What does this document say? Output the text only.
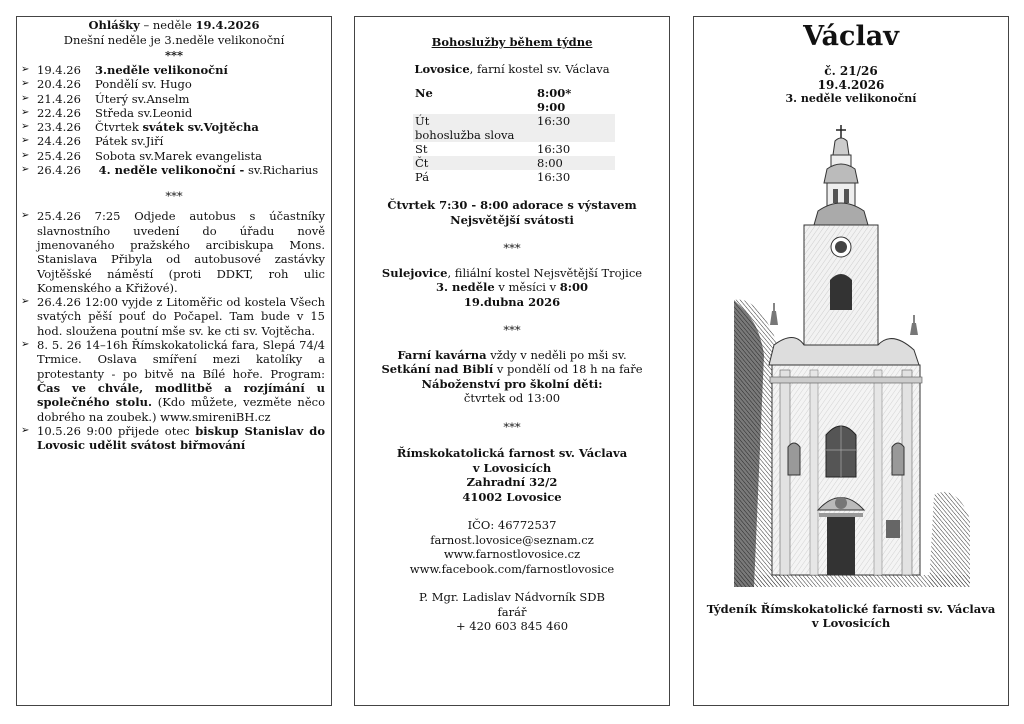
Ohlášky – neděle 19.4.2026
Dnešní neděle je 3.neděle velikonoční
***
➢ 19.4.26 3.neděle velikonoční
➢ 20.4.26 Pondělí sv. Hugo
➢ 21.4.26 Úterý sv.Anselm
➢ 22.4.26 Středa sv.Leonid
➢ 23.4.26 Čtvrtek svátek sv.Vojtěcha
➢ 24.4.26 Pátek sv.Jiří
➢ 25.4.26 Sobota sv.Marek evangelista
➢ 26.4.26 4. neděle velikonoční - sv.Richarius
***
➢ 25.4.26 7:25 Odjede autobus s účastníky slavnostního uvedení do úřadu nově jmenovaného pražského arcibiskupa Mons. Stanislava Přibyla od autobusové zastávky Vojtěšské náměstí (proti DDKT, roh ulic Komenského a Křižové).
➢ 26.4.26 12:00 vyjde z Litoměřic od kostela Všech svatých pěší pouť do Počapel. Tam bude v 15 hod. sloužena poutní mše sv. ke cti sv. Vojtěcha.
➢ 8. 5. 26 14–16h Římskokatolická fara, Slepá 74/4 Trmice. Oslava smíření mezi katolíky a protestanty - po bitvě na Bílé hoře. Program: Čas ve chvále, modlitbě a rozjímání u společného stolu. (Kdo můžete, vezměte něco dobrého na zoubek.) www.smireniBH.cz
➢ 10.5.26 9:00 přijede otec biskup Stanislav do Lovosic udělit svátost biřmování
Bohoslužby během týdne
Lovosice, farní kostel sv. Václava
Ne	8:00*
	9:00
Út	16:30
bohoslužba slova	
St	16:30
Čt	8:00
Pá	16:30
Čtvrtek 7:30 - 8:00 adorace s výstavem
Nejsvětější svátosti
***
Sulejovice, filiální kostel Nejsvětější Trojice
3. neděle v měsíci v 8:00
19.dubna 2026
***
Farní kavárna vždy v neděli po mši sv.
Setkání nad Biblí v pondělí od 18 h na faře
Náboženství pro školní děti:
čtvrtek od 13:00
***
Římskokatolická farnost sv. Václava
v Lovosicích
Zahradní 32/2
41002 Lovosice
IČO: 46772537
farnost.lovosice@seznam.cz
www.farnostlovosice.cz
www.facebook.com/farnostlovosice
P. Mgr. Ladislav Nádvorník SDB
farář
+ 420 603 845 460
Václav
č. 21/26
19.4.2026
3. neděle velikonoční
Týdeník Římskokatolické farnosti sv. Václava
v Lovosicích
